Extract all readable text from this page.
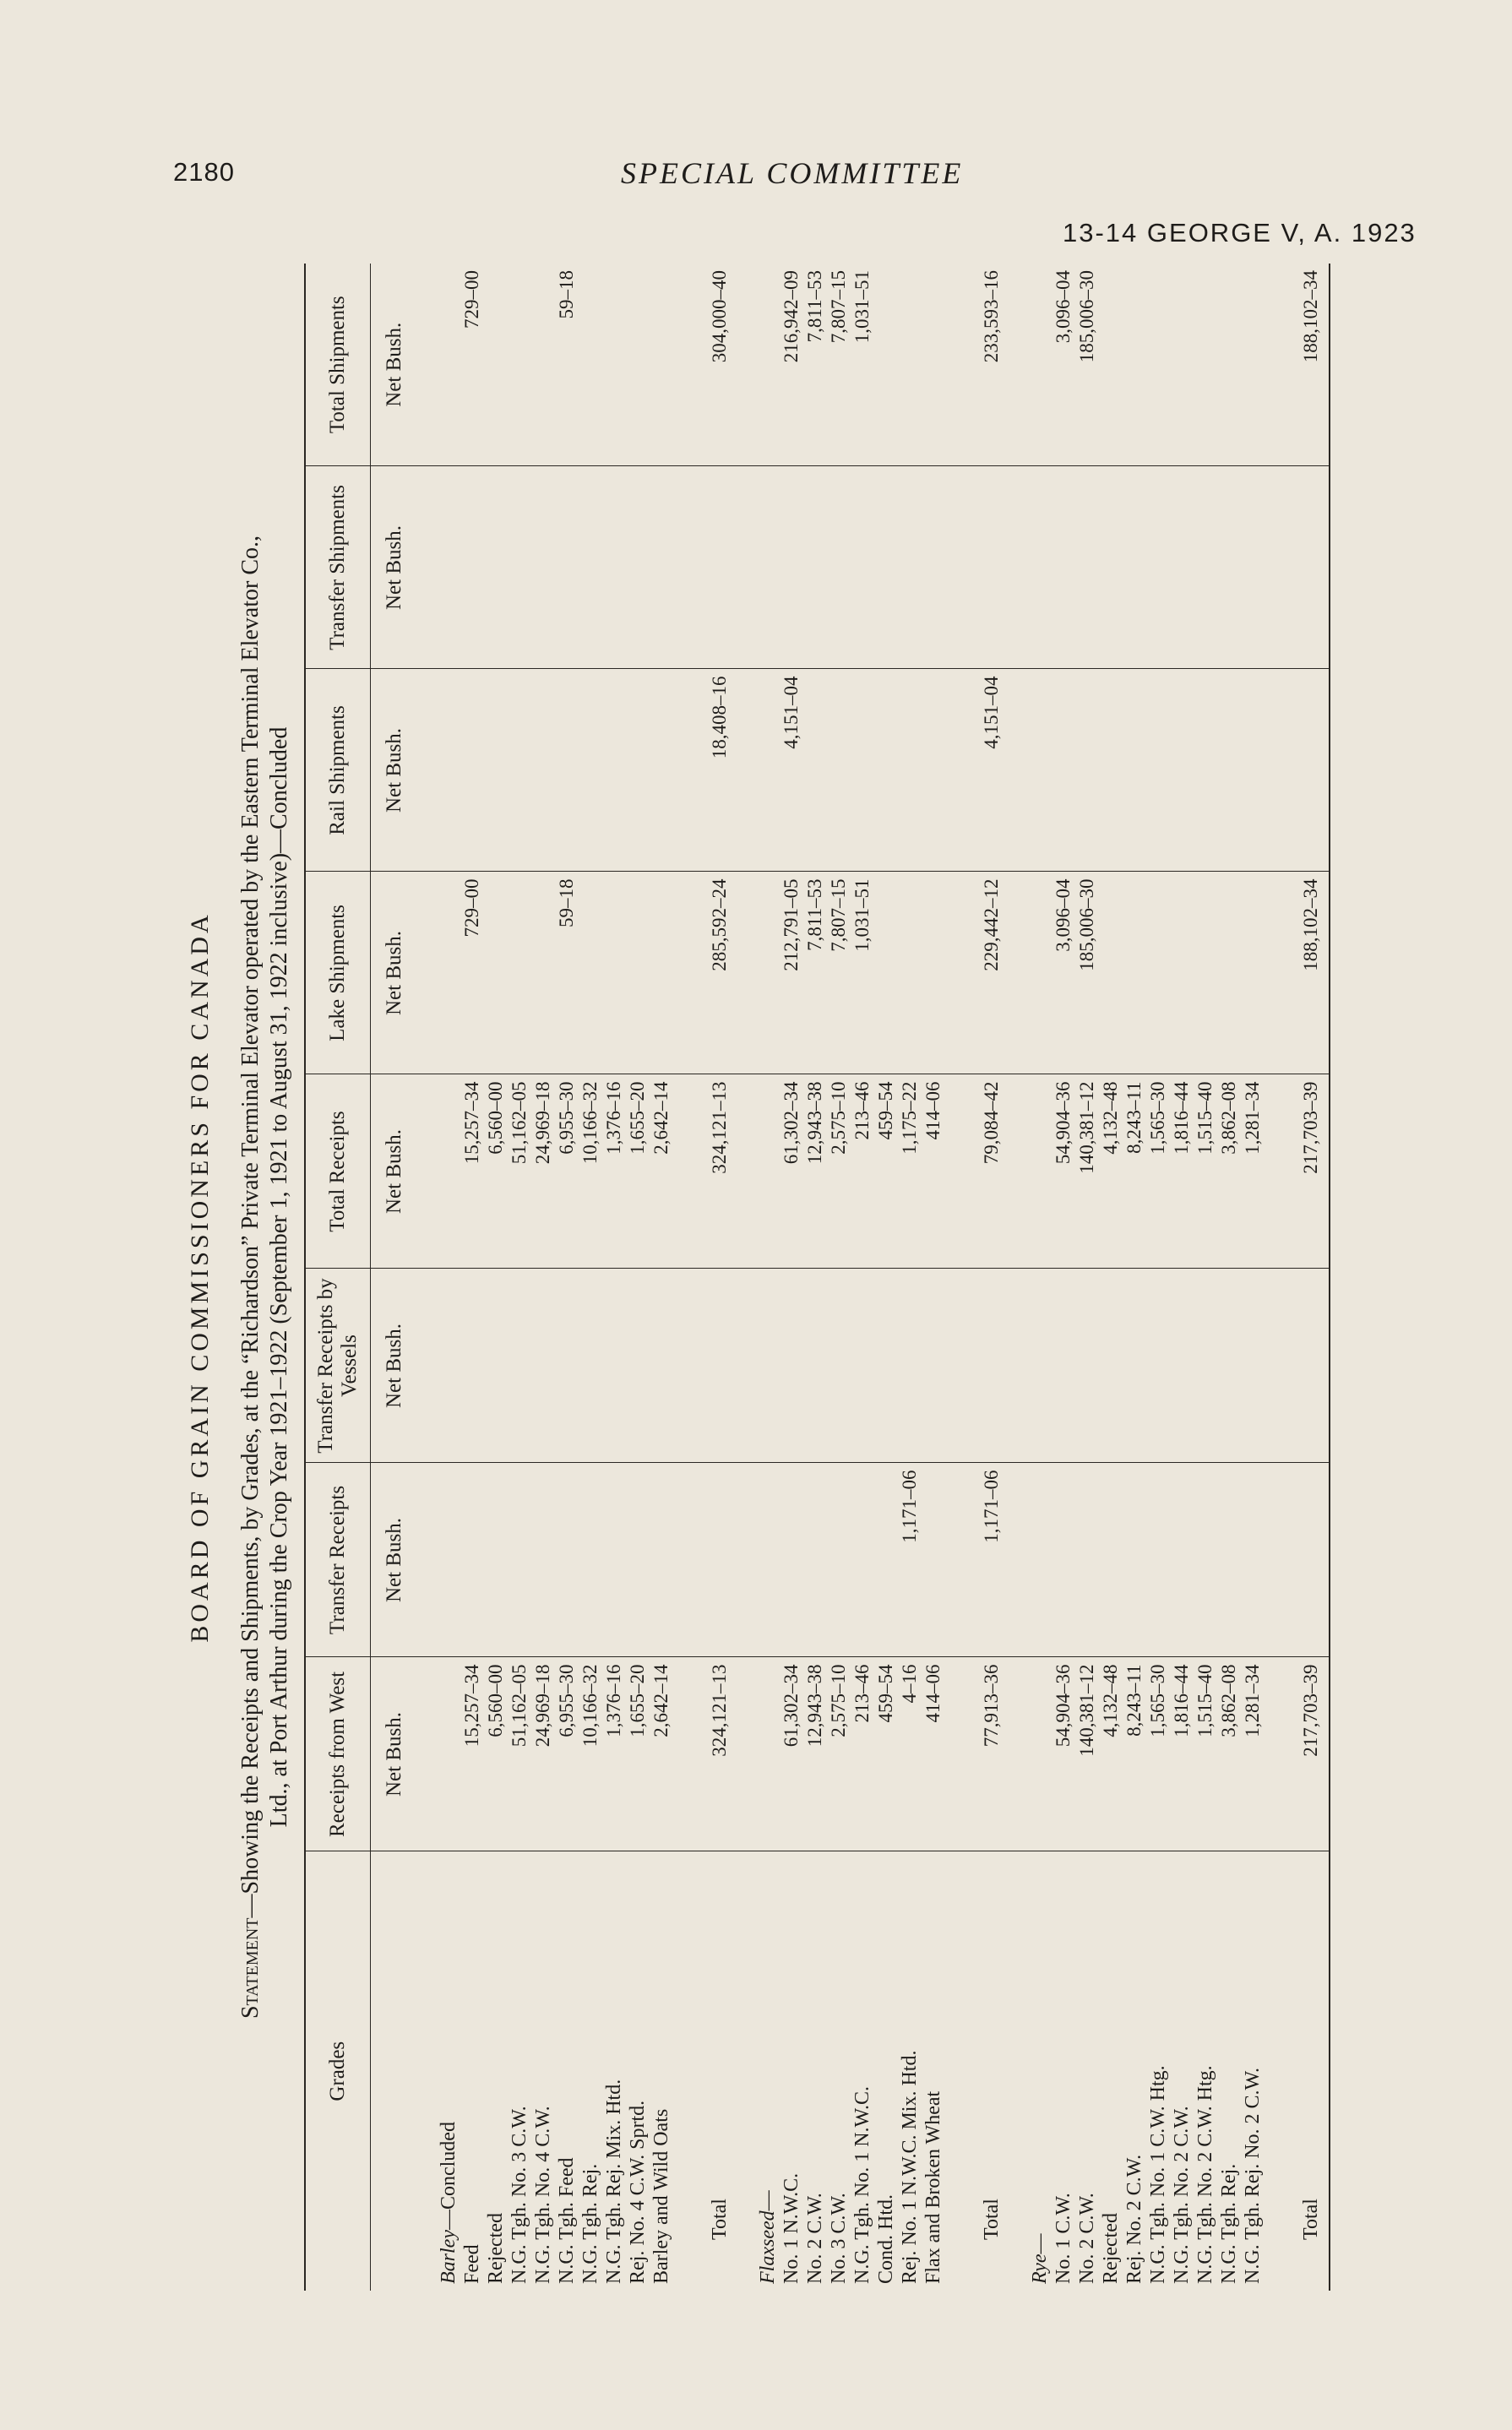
2180	SPECIAL COMMITTEE
13-14 GEORGE V, A. 1923
BOARD OF GRAIN COMMISSIONERS FOR CANADA
Statement—Showing the Receipts and Shipments, by Grades, at the “Richardson” Private Terminal Elevator operated by the Eastern Terminal Elevator Co., Ltd., at Port Arthur during the Crop Year 1921–1922 (September 1, 1921 to August 31, 1922 inclusive)—Concluded
Grades	Receipts from West	Transfer Receipts	Transfer Receipts by Vessels	Total Receipts	Lake Shipments	Rail Shipments	Transfer Shipments	Total Shipments
	Net Bush.	Net Bush.	Net Bush.	Net Bush.	Net Bush.	Net Bush.	Net Bush.	Net Bush.
Barley—Concluded								
Feed	15,257–34			15,257–34	729–00			729–00
Rejected	6,560–00			6,560–00				
N.G. Tgh. No. 3 C.W.	51,162–05			51,162–05				
N.G. Tgh. No. 4 C.W.	24,969–18			24,969–18				
N.G. Tgh. Feed	6,955–30			6,955–30	59–18			59–18
N.G. Tgh. Rej.	10,166–32			10,166–32				
N.G. Tgh. Rej. Mix. Htd.	1,376–16			1,376–16				
Rej. No. 4 C.W. Sprtd.	1,655–20			1,655–20				
Barley and Wild Oats	2,642–14			2,642–14				

Total	324,121–13			324,121–13	285,592–24	18,408–16		304,000–40
Flaxseed—								
No. 1 N.W.C.	61,302–34			61,302–34	212,791–05	4,151–04		216,942–09
No. 2 C.W.	12,943–38			12,943–38	7,811–53			7,811–53
No. 3 C.W.	2,575–10			2,575–10	7,807–15			7,807–15
N.G. Tgh. No. 1 N.W.C.	213–46			213–46	1,031–51			1,031–51
Cond. Htd.	459–54			459–54				
Rej. No. 1 N.W.C. Mix. Htd.	4–16	1,171–06		1,175–22				
Flax and Broken Wheat	414–06			414–06				

Total	77,913–36	1,171–06		79,084–42	229,442–12	4,151–04		233,593–16
Rye—								
No. 1 C.W.	54,904–36			54,904–36	3,096–04			3,096–04
No. 2 C.W.	140,381–12			140,381–12	185,006–30			185,006–30
Rejected	4,132–48			4,132–48				
Rej. No. 2 C.W.	8,243–11			8,243–11				
N.G. Tgh. No. 1 C.W. Htg.	1,565–30			1,565–30				
N.G. Tgh. No. 2 C.W.	1,816–44			1,816–44				
N.G. Tgh. No. 2 C.W. Htg.	1,515–40			1,515–40				
N.G. Tgh. Rej.	3,862–08			3,862–08				
N.G. Tgh. Rej. No. 2 C.W.	1,281–34			1,281–34				

Total	217,703–39			217,703–39	188,102–34			188,102–34
